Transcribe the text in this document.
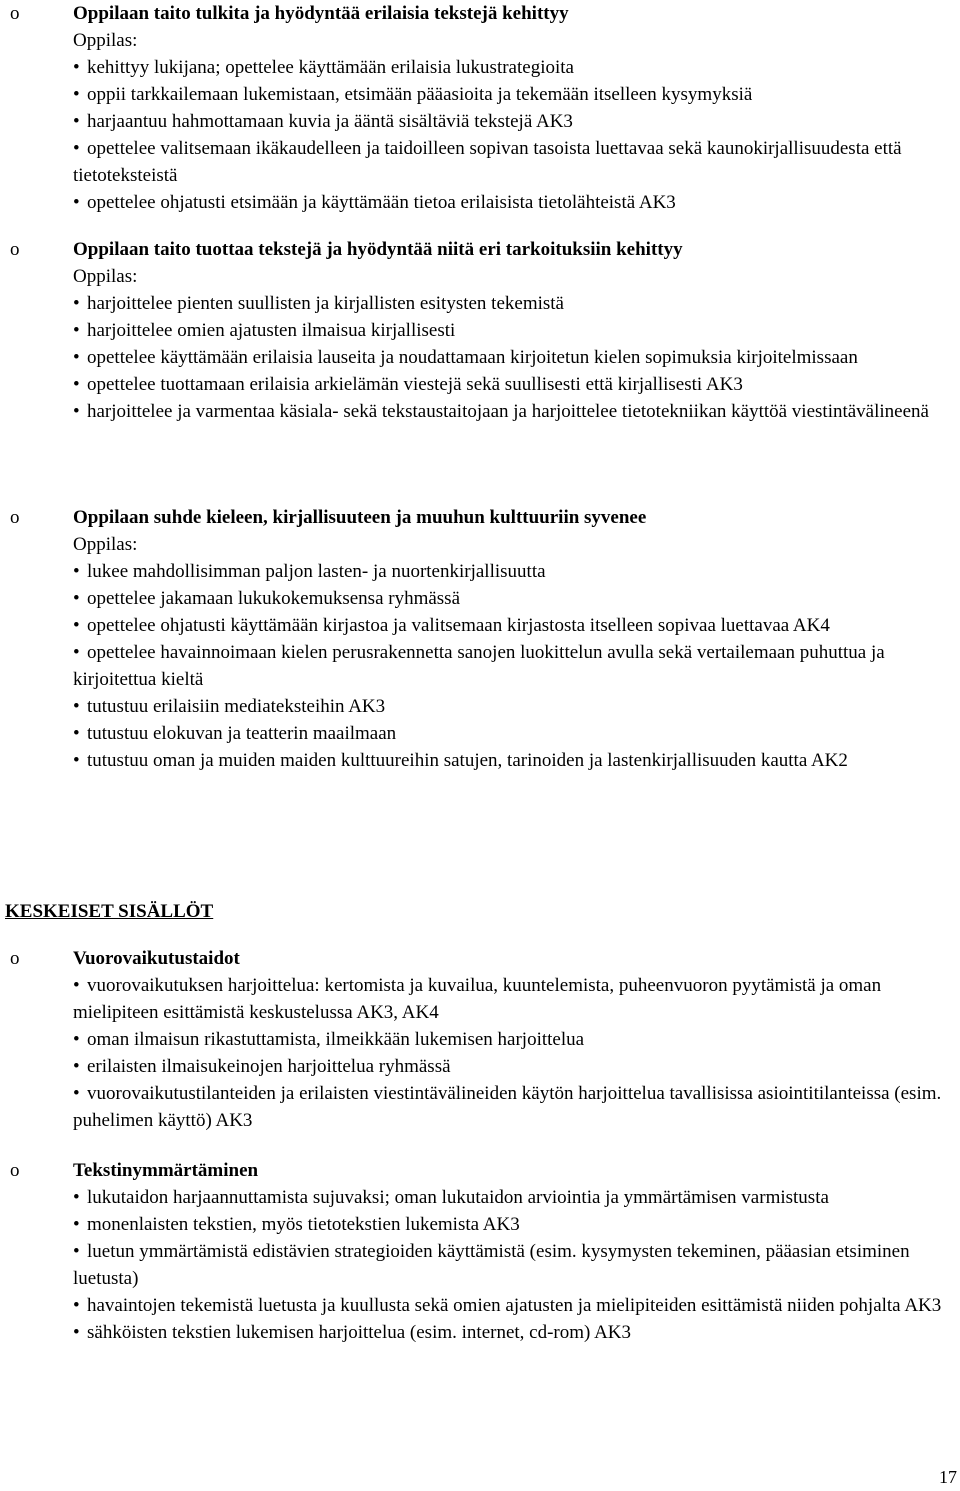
o	Oppilaan taito tulkita ja hyödyntää erilaisia tekstejä kehittyy
Oppilas:
• kehittyy lukijana; opettelee käyttämään erilaisia lukustrategioita
• oppii tarkkailemaan lukemistaan, etsimään pääasioita ja tekemään itselleen kysymyksiä
• harjaantuu hahmottamaan kuvia ja ääntä sisältäviä tekstejä AK3
• opettelee valitsemaan ikäkaudelleen ja taidoilleen sopivan tasoista luettavaa sekä kaunokirjallisuudesta että tietoteksteistä
• opettelee ohjatusti etsimään ja käyttämään tietoa erilaisista tietolähteistä AK3
o	Oppilaan taito tuottaa tekstejä ja hyödyntää niitä eri tarkoituksiin kehittyy
Oppilas:
• harjoittelee pienten suullisten ja kirjallisten esitysten tekemistä
• harjoittelee omien ajatusten ilmaisua kirjallisesti
• opettelee käyttämään erilaisia lauseita ja noudattamaan kirjoitetun kielen sopimuksia kirjoitelmissaan
• opettelee tuottamaan erilaisia arkielämän viestejä sekä suullisesti että kirjallisesti AK3
• harjoittelee ja varmentaa käsiala- sekä tekstaustaitojaan ja harjoittelee tietotekniikan käyttöä viestintävälineenä
o	Oppilaan suhde kieleen, kirjallisuuteen ja muuhun kulttuuriin syvenee
Oppilas:
• lukee mahdollisimman paljon lasten- ja nuortenkirjallisuutta
• opettelee jakamaan lukukokemuksensa ryhmässä
• opettelee ohjatusti käyttämään kirjastoa ja valitsemaan kirjastosta itselleen sopivaa luettavaa AK4
• opettelee havainnoimaan kielen perusrakennetta sanojen luokittelun avulla sekä vertailemaan puhuttua ja kirjoitettua kieltä
• tutustuu erilaisiin mediateksteihin AK3
• tutustuu elokuvan ja teatterin maailmaan
• tutustuu oman ja muiden maiden kulttuureihin satujen, tarinoiden ja lastenkirjallisuuden kautta AK2
KESKEISET SISÄLLÖT
o	Vuorovaikutustaidot
• vuorovaikutuksen harjoittelua: kertomista ja kuvailua, kuuntelemista, puheenvuoron pyytämistä ja oman mielipiteen esittämistä keskustelussa AK3, AK4
• oman ilmaisun rikastuttamista, ilmeikkään lukemisen harjoittelua
• erilaisten ilmaisukeinojen harjoittelua ryhmässä
• vuorovaikutustilanteiden ja erilaisten viestintävälineiden käytön harjoittelua tavallisissa asiointitilanteissa (esim. puhelimen käyttö) AK3
o	Tekstinymmärtäminen
• lukutaidon harjaannuttamista sujuvaksi; oman lukutaidon arviointia ja ymmärtämisen varmistusta
• monenlaisten tekstien, myös tietotekstien lukemista AK3
• luetun ymmärtämistä edistävien strategioiden käyttämistä (esim. kysymysten tekeminen, pääasian etsiminen luetusta)
• havaintojen tekemistä luetusta ja kuullusta sekä omien ajatusten ja mielipiteiden esittämistä niiden pohjalta AK3
• sähköisten tekstien lukemisen harjoittelua (esim. internet, cd-rom) AK3
17
